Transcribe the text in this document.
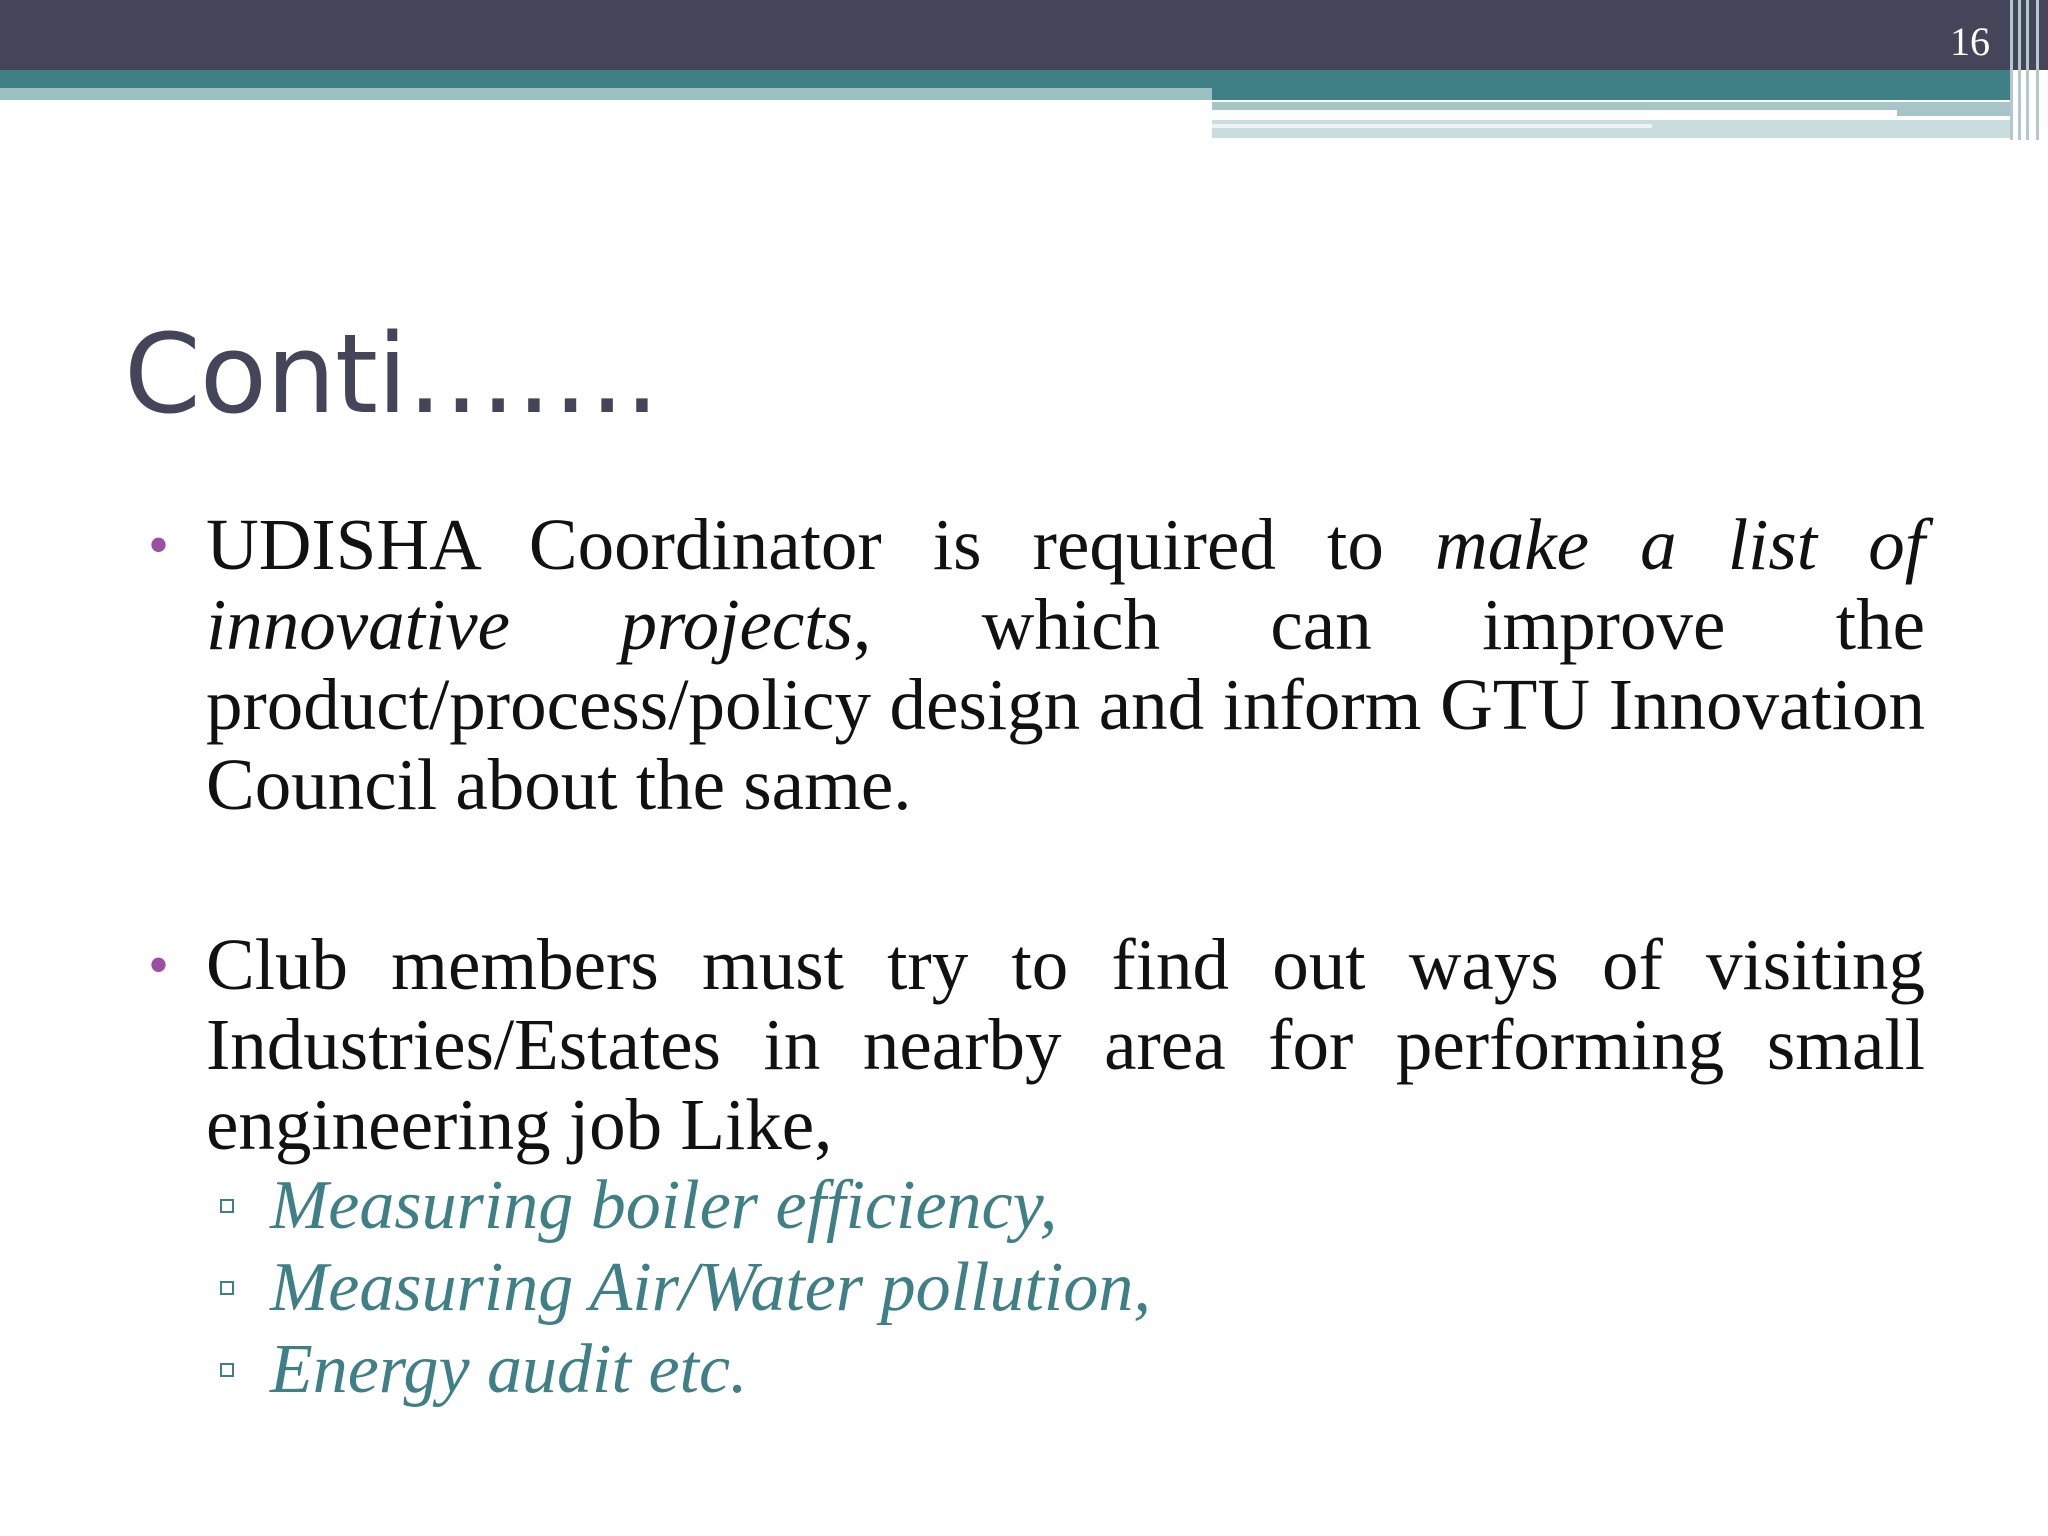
16
Conti…….
• UDISHA Coordinator is required to make a list of innovative projects, which can improve the product/process/policy design and inform GTU Innovation Council about the same.
• Club members must try to find out ways of visiting Industries/Estates in nearby area for performing small engineering job Like,
Measuring boiler efficiency,
Measuring Air/Water pollution,
Energy audit etc.
